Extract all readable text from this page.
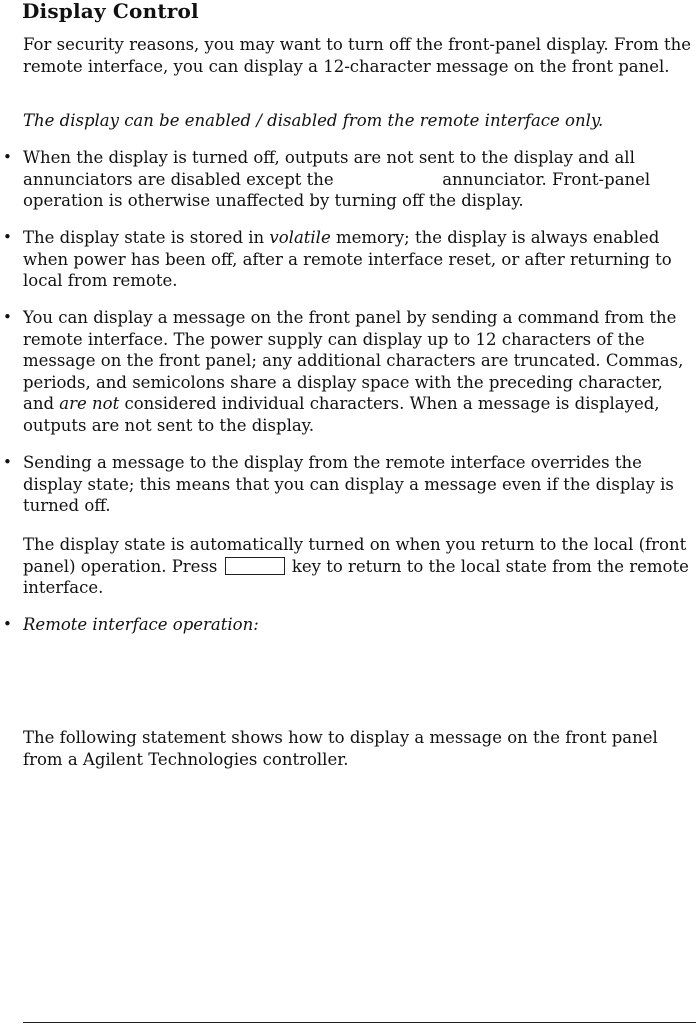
Display Control

For security reasons, you may want to turn off the front-panel display. From the remote interface, you can display a 12-character message on the front panel.

The display can be enabled / disabled from the remote interface only.

• When the display is turned off, outputs are not sent to the display and all annunciators are disabled except the	annunciator. Front-panel operation is otherwise unaffected by turning off the display.

• The display state is stored in volatile memory; the display is always enabled when power has been off, after a remote interface reset, or after returning to local from remote.

• You can display a message on the front panel by sending a command from the remote interface. The power supply can display up to 12 characters of the message on the front panel; any additional characters are truncated. Commas, periods, and semicolons share a display space with the preceding character, and are not considered individual characters. When a message is displayed, outputs are not sent to the display.

• Sending a message to the display from the remote interface overrides the display state; this means that you can display a message even if the display is turned off.

The display state is automatically turned on when you return to the local (front panel) operation. Press	key to return to the local state from the remote interface.

• Remote interface operation:

The following statement shows how to display a message on the front panel from a Agilent Technologies controller.
